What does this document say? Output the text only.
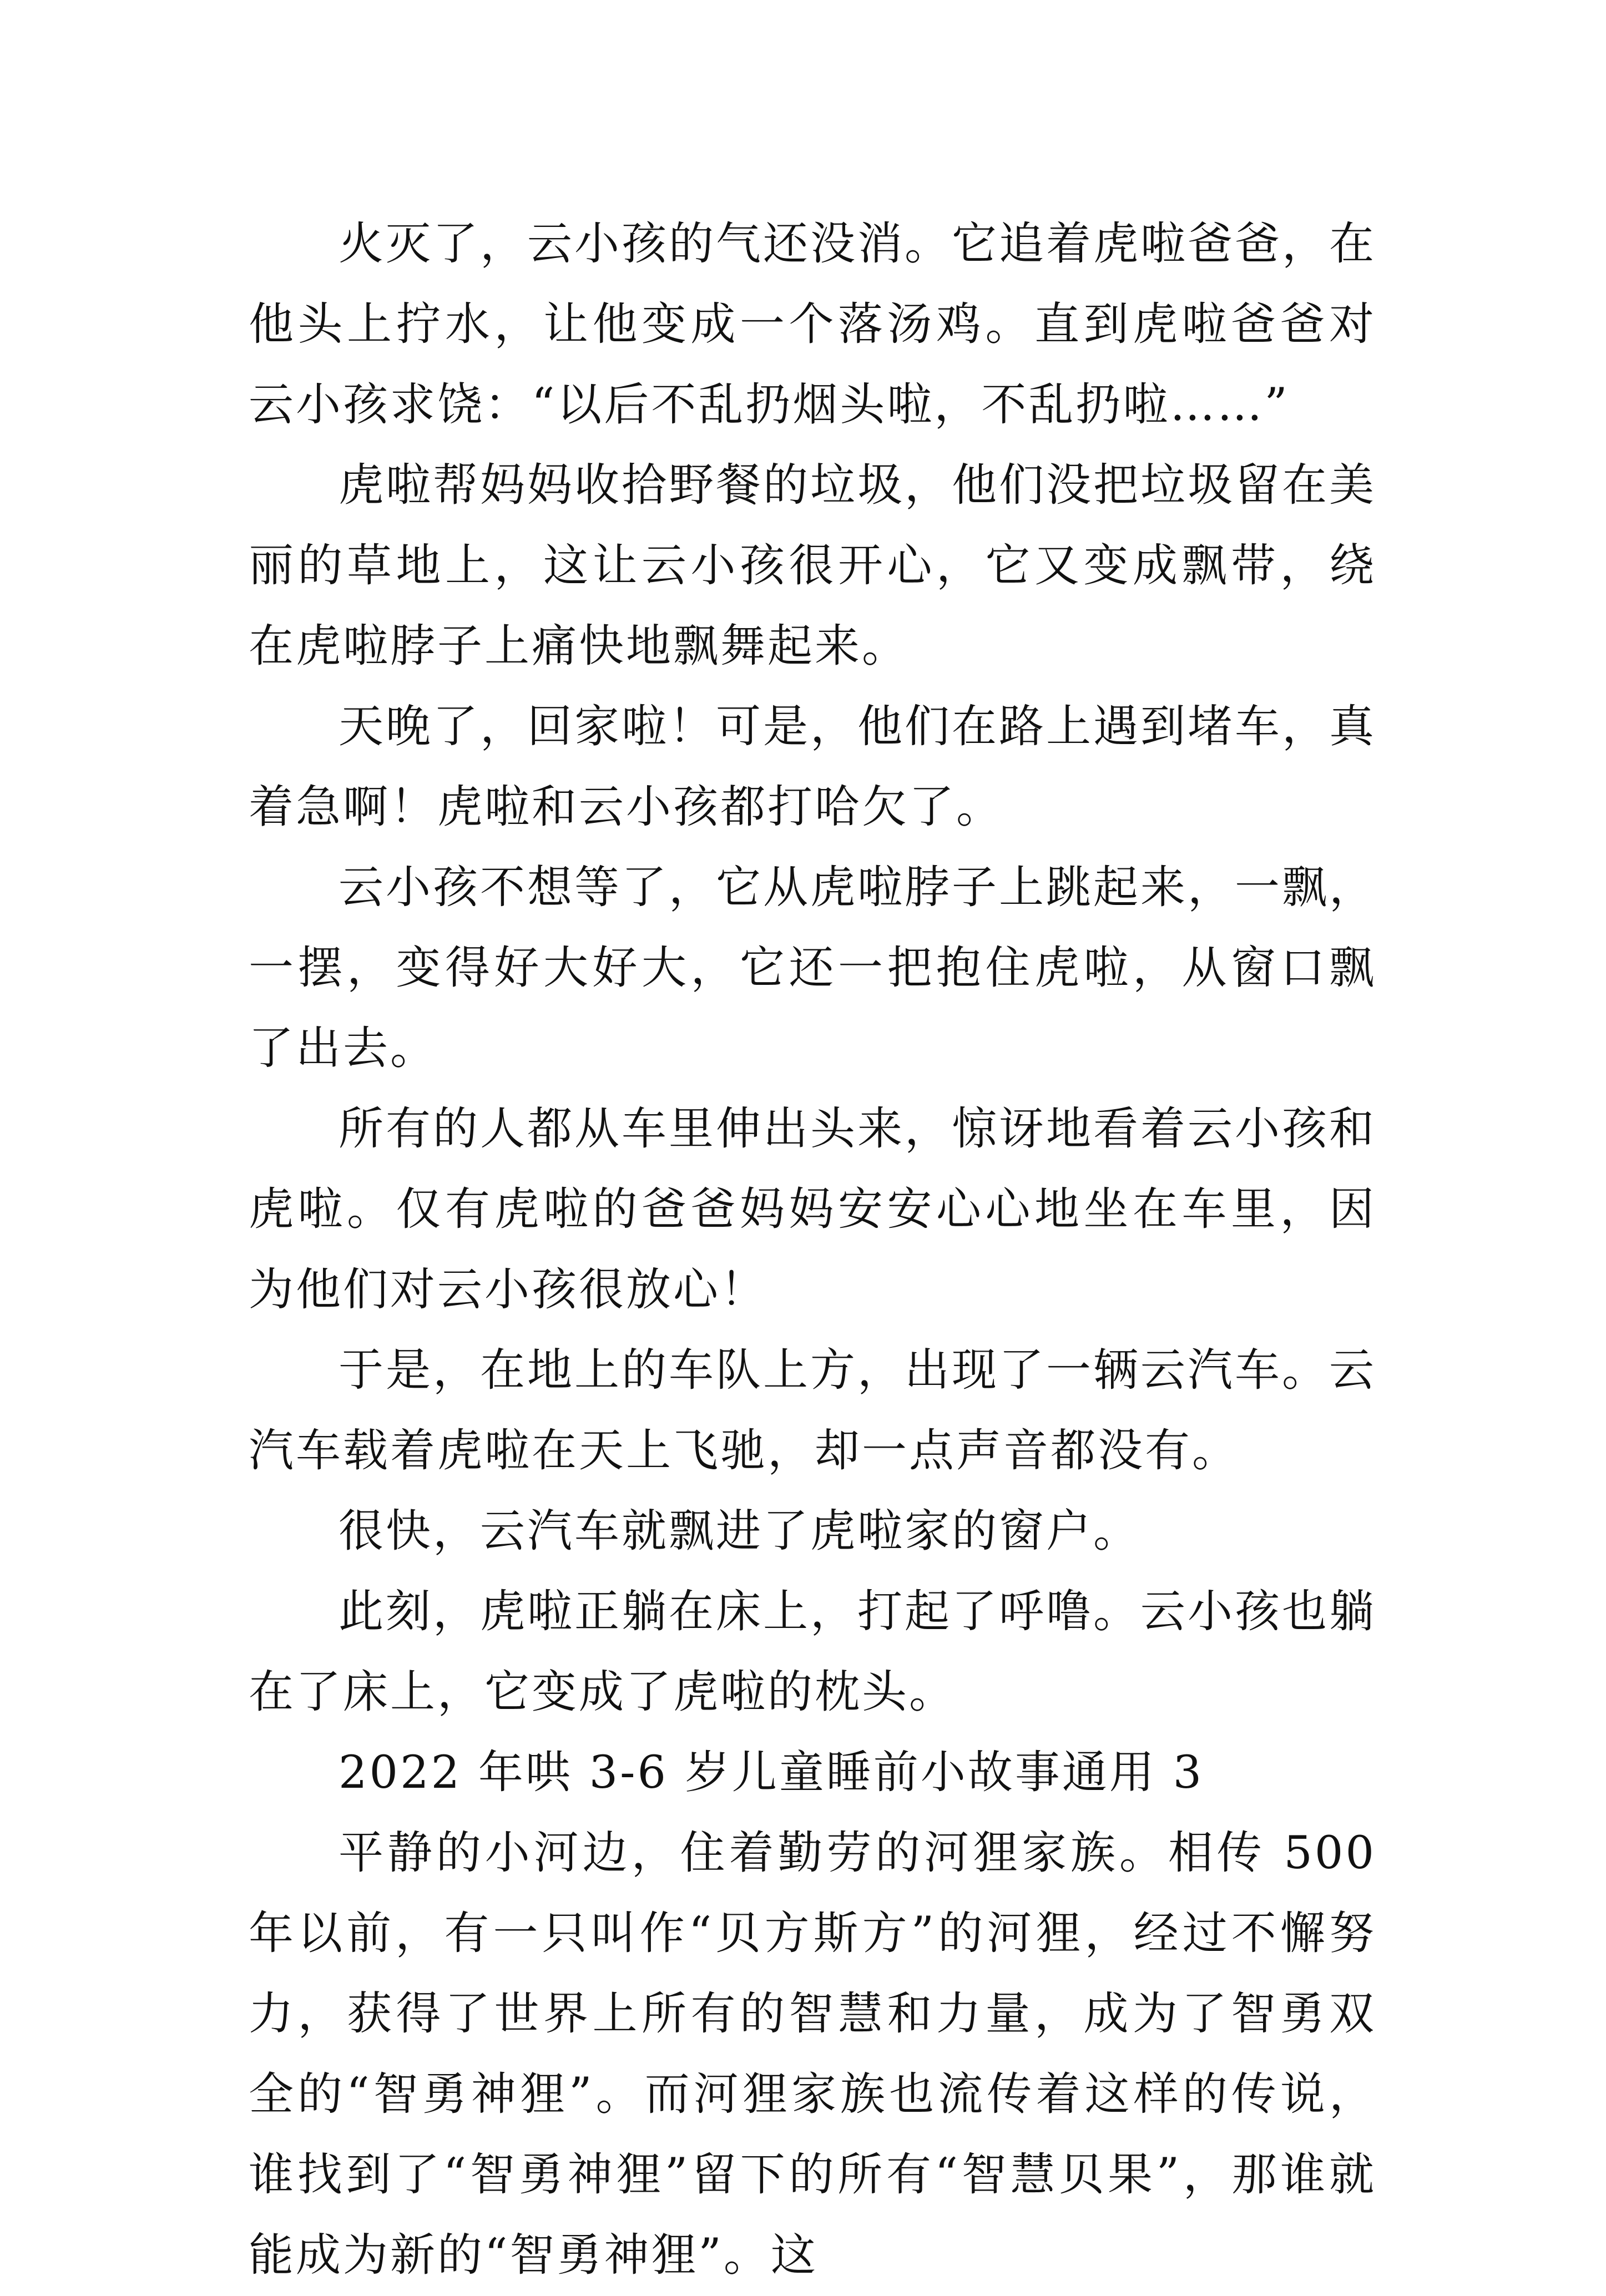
火灭了，云小孩的气还没消。它追着虎啦爸爸，在他头上拧水，让他变成一个落汤鸡。直到虎啦爸爸对云小孩求饶：“以后不乱扔烟头啦，不乱扔啦……”

虎啦帮妈妈收拾野餐的垃圾，他们没把垃圾留在美丽的草地上，这让云小孩很开心，它又变成飘带，绕在虎啦脖子上痛快地飘舞起来。

天晚了，回家啦！可是，他们在路上遇到堵车，真着急啊！虎啦和云小孩都打哈欠了。

云小孩不想等了，它从虎啦脖子上跳起来，一飘，一摆，变得好大好大，它还一把抱住虎啦，从窗口飘了出去。

所有的人都从车里伸出头来，惊讶地看着云小孩和虎啦。仅有虎啦的爸爸妈妈安安心心地坐在车里，因为他们对云小孩很放心！

于是，在地上的车队上方，出现了一辆云汽车。云汽车载着虎啦在天上飞驰，却一点声音都没有。

很快，云汽车就飘进了虎啦家的窗户。

此刻，虎啦正躺在床上，打起了呼噜。云小孩也躺在了床上，它变成了虎啦的枕头。

2022 年哄 3-6 岁儿童睡前小故事通用 3

平静的小河边，住着勤劳的河狸家族。相传 500 年以前，有一只叫作“贝方斯方”的河狸，经过不懈努力，获得了世界上所有的智慧和力量，成为了智勇双全的“智勇神狸”。而河狸家族也流传着这样的传说，谁找到了“智勇神狸”留下的所有“智慧贝果”，那谁就能成为新的“智勇神狸”。这
